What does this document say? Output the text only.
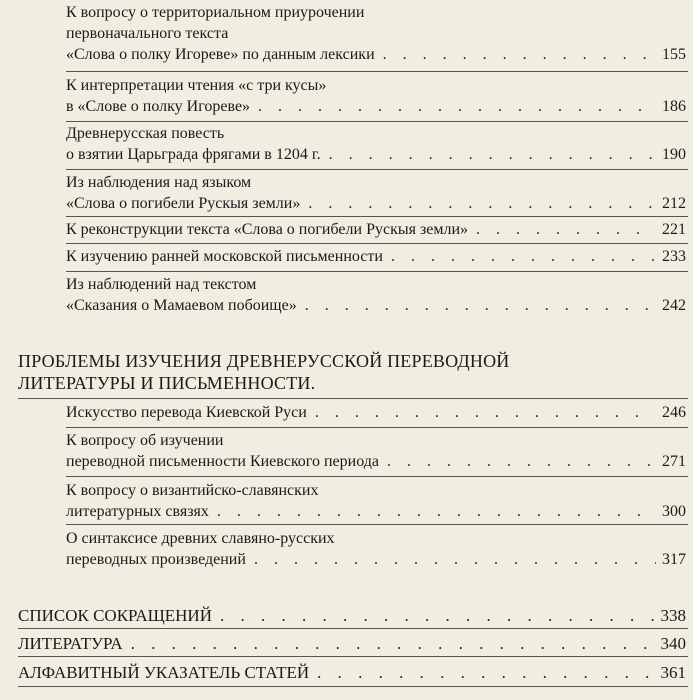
К вопросу о территориальном приурочении
первоначального текста
«Слова о полку Игореве» по данным лексики . . .	155
К интерпретации чтения «с три кусы»
в «Слове о полку Игореве» . . .	186
Древнерусская повесть
о взятии Царьграда фрягами в 1204 г. . . .	190
Из наблюдения над языком
«Слова о погибели Рускыя земли» . . .	212
К реконструкции текста «Слова о погибели Рускыя земли» . . .	221
К изучению ранней московской письменности . . .	233
Из наблюдений над текстом
«Сказания о Мамаевом побоище» . . .	242
ПРОБЛЕМЫ ИЗУЧЕНИЯ ДРЕВНЕРУССКОЙ ПЕРЕВОДНОЙ
ЛИТЕРАТУРЫ И ПИСЬМЕННОСТИ.
Искусство перевода Киевской Руси . . .	246
К вопросу об изучении
переводной письменности Киевского периода . . .	271
К вопросу о византийско-славянских
литературных связях . . .	300
О синтаксисе древних славяно-русских
переводных произведений . . .	317
СПИСОК СОКРАЩЕНИЙ . . .	338
ЛИТЕРАТУРА . . .	340
АЛФАВИТНЫЙ УКАЗАТЕЛЬ СТАТЕЙ . . .	361
